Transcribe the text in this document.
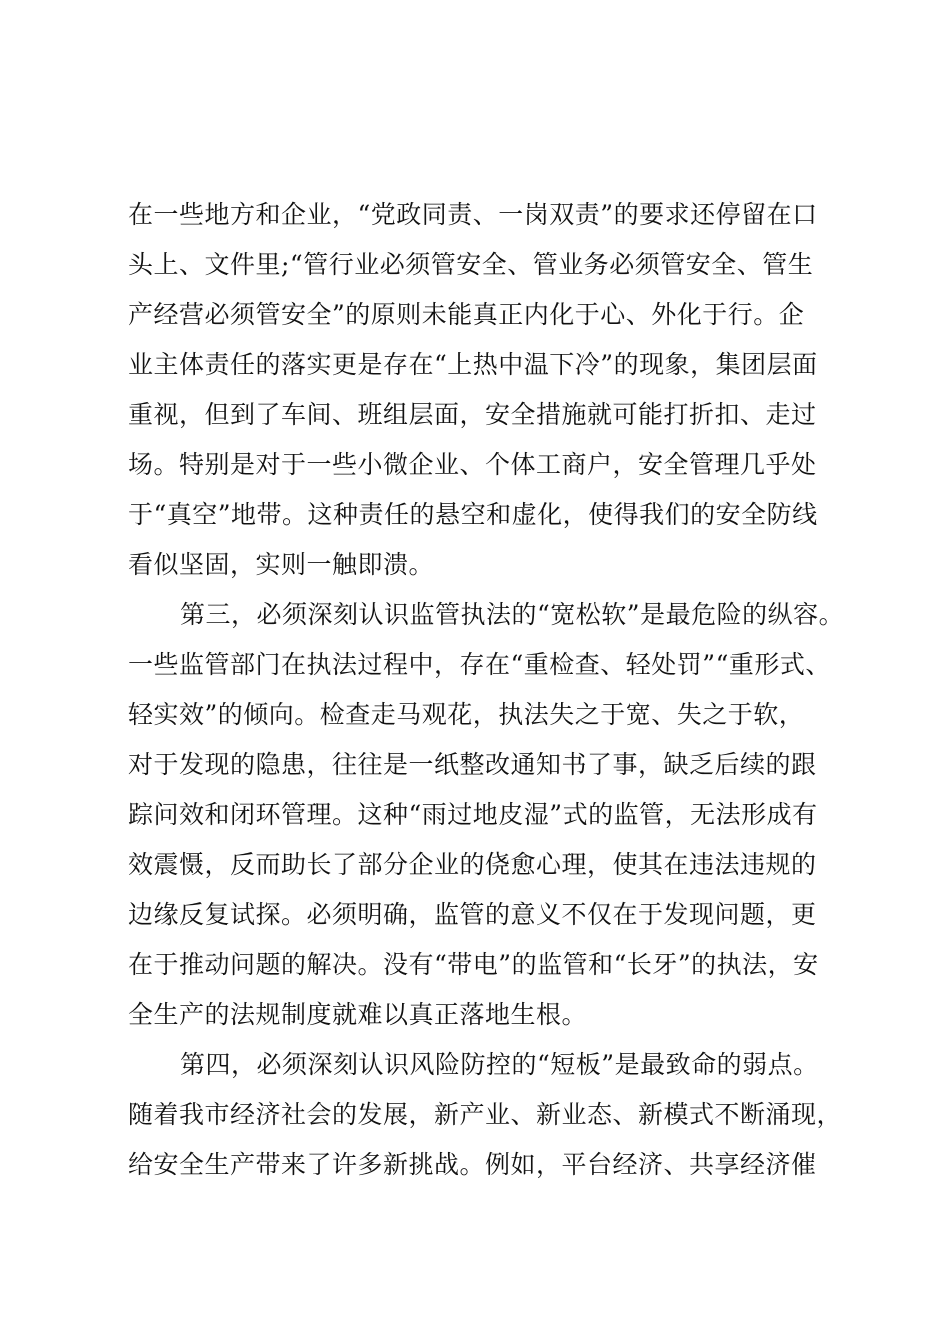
在一些地方和企业，“党政同责、一岗双责”的要求还停留在口
头上、文件里;“管行业必须管安全、管业务必须管安全、管生
产经营必须管安全”的原则未能真正内化于心、外化于行。企
业主体责任的落实更是存在“上热中温下冷”的现象，集团层面
重视，但到了车间、班组层面，安全措施就可能打折扣、走过
场。特别是对于一些小微企业、个体工商户，安全管理几乎处
于“真空”地带。这种责任的悬空和虚化，使得我们的安全防线
看似坚固，实则一触即溃。
第三，必须深刻认识监管执法的“宽松软”是最危险的纵容。
一些监管部门在执法过程中，存在“重检查、轻处罚”“重形式、
轻实效”的倾向。检查走马观花，执法失之于宽、失之于软，
对于发现的隐患，往往是一纸整改通知书了事，缺乏后续的跟
踪问效和闭环管理。这种“雨过地皮湿”式的监管，无法形成有
效震慑，反而助长了部分企业的侥愈心理，使其在违法违规的
边缘反复试探。必须明确，监管的意义不仅在于发现问题，更
在于推动问题的解决。没有“带电”的监管和“长牙”的执法，安
全生产的法规制度就难以真正落地生根。
第四，必须深刻认识风险防控的“短板”是最致命的弱点。
随着我市经济社会的发展，新产业、新业态、新模式不断涌现，
给安全生产带来了许多新挑战。例如，平台经济、共享经济催
